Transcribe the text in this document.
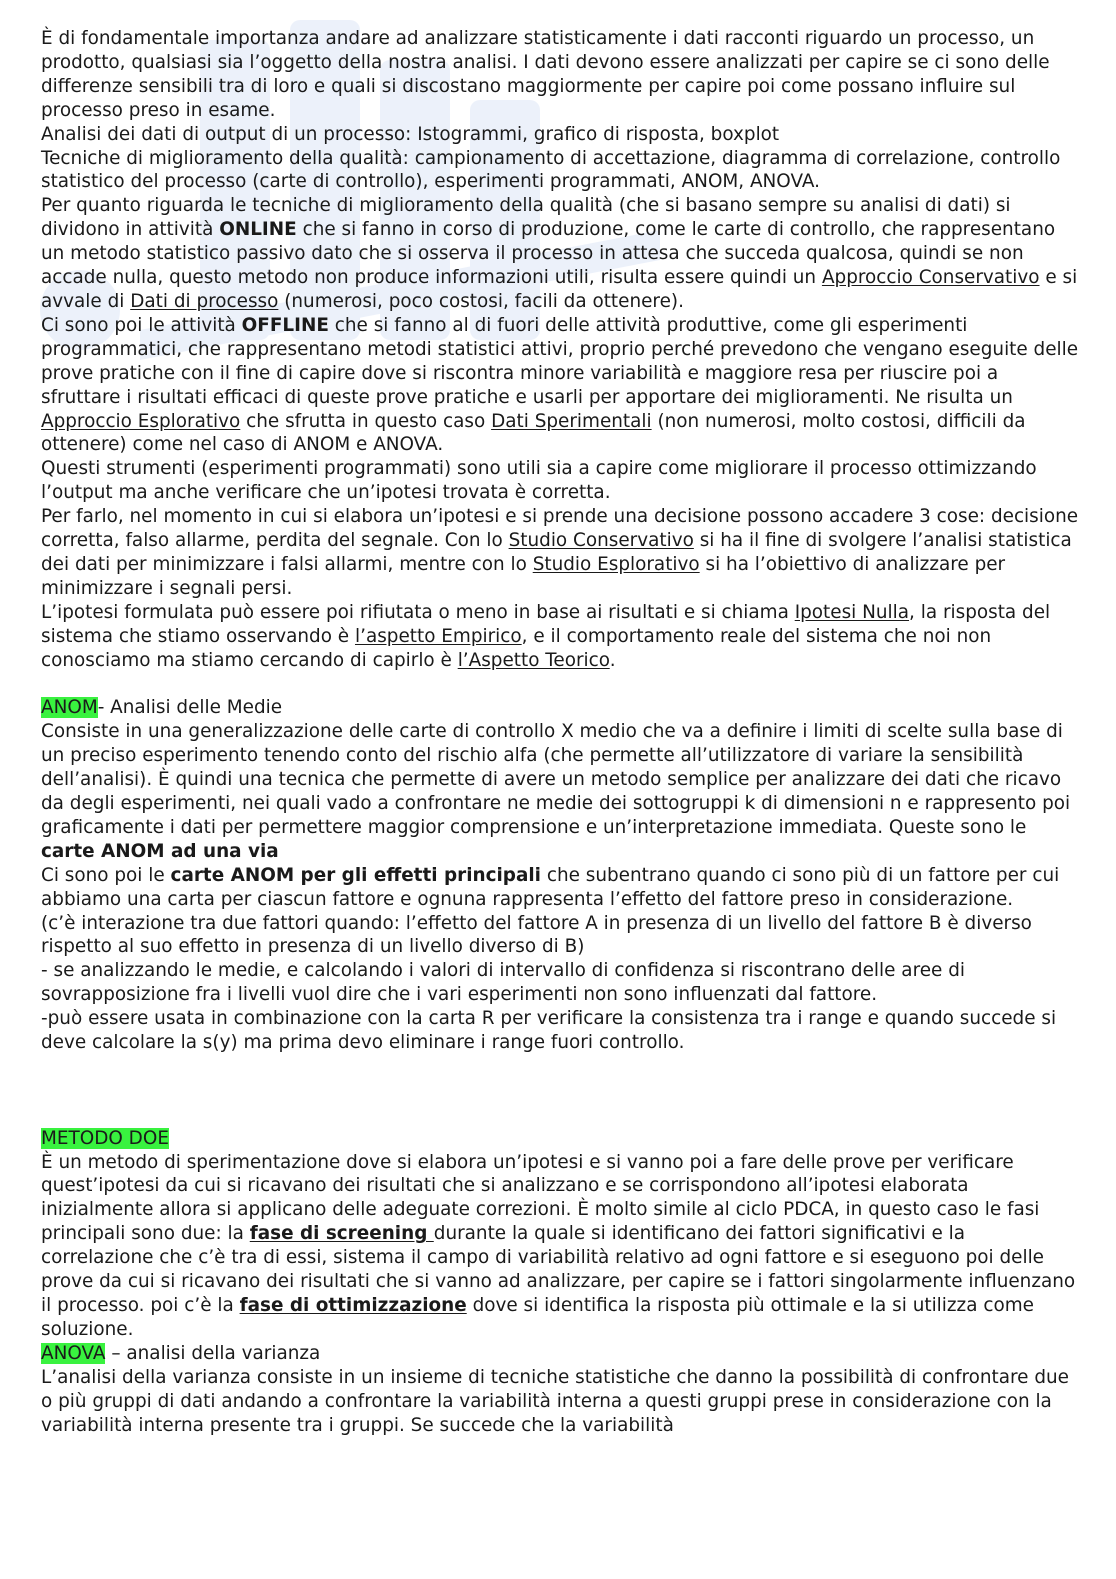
È di fondamentale importanza andare ad analizzare statisticamente i dati racconti riguardo un processo, un prodotto, qualsiasi sia l’oggetto della nostra analisi. I dati devono essere analizzati per capire se ci sono delle differenze sensibili tra di loro e quali si discostano maggiormente per capire poi come possano influire sul processo preso in esame.

Analisi dei dati di output di un processo: Istogrammi, grafico di risposta, boxplot

Tecniche di miglioramento della qualità: campionamento di accettazione, diagramma di correlazione, controllo statistico del processo (carte di controllo), esperimenti programmati, ANOM, ANOVA.

Per quanto riguarda le tecniche di miglioramento della qualità (che si basano sempre su analisi di dati) si dividono in attività ONLINE che si fanno in corso di produzione, come le carte di controllo, che rappresentano un metodo statistico passivo dato che si osserva il processo in attesa che succeda qualcosa, quindi se non accade nulla, questo metodo non produce informazioni utili, risulta essere quindi un Approccio Conservativo e si avvale di Dati di processo (numerosi, poco costosi, facili da ottenere).

Ci sono poi le attività OFFLINE che si fanno al di fuori delle attività produttive, come gli esperimenti programmatici, che rappresentano metodi statistici attivi, proprio perché prevedono che vengano eseguite delle prove pratiche con il fine di capire dove si riscontra minore variabilità e maggiore resa per riuscire poi a sfruttare i risultati efficaci di queste prove pratiche e usarli per apportare dei miglioramenti. Ne risulta un Approccio Esplorativo che sfrutta in questo caso Dati Sperimentali (non numerosi, molto costosi, difficili da ottenere) come nel caso di ANOM e ANOVA.

Questi strumenti (esperimenti programmati) sono utili sia a capire come migliorare il processo ottimizzando l’output ma anche verificare che un’ipotesi trovata è corretta.

Per farlo, nel momento in cui si elabora un’ipotesi e si prende una decisione possono accadere 3 cose: decisione corretta, falso allarme, perdita del segnale. Con lo Studio Conservativo si ha il fine di svolgere l’analisi statistica dei dati per minimizzare i falsi allarmi, mentre con lo Studio Esplorativo si ha l’obiettivo di analizzare per minimizzare i segnali persi.

L’ipotesi formulata può essere poi rifiutata o meno in base ai risultati e si chiama Ipotesi Nulla, la risposta del sistema che stiamo osservando è l’aspetto Empirico, e il comportamento reale del sistema che noi non conosciamo ma stiamo cercando di capirlo è l’Aspetto Teorico.

ANOM- Analisi delle Medie

Consiste in una generalizzazione delle carte di controllo X medio che va a definire i limiti di scelte sulla base di un preciso esperimento tenendo conto del rischio alfa (che permette all’utilizzatore di variare la sensibilità dell’analisi). È quindi una tecnica che permette di avere un metodo semplice per analizzare dei dati che ricavo da degli esperimenti, nei quali vado a confrontare ne medie dei sottogruppi k di dimensioni n e rappresento poi graficamente i dati per permettere maggior comprensione e un’interpretazione immediata. Queste sono le carte ANOM ad una via

Ci sono poi le carte ANOM per gli effetti principali che subentrano quando ci sono più di un fattore per cui abbiamo una carta per ciascun fattore e ognuna rappresenta l’effetto del fattore preso in considerazione.

(c’è interazione tra due fattori quando: l’effetto del fattore A in presenza di un livello del fattore B è diverso rispetto al suo effetto in presenza di un livello diverso di B)

- se analizzando le medie, e calcolando i valori di intervallo di confidenza si riscontrano delle aree di sovrapposizione fra i livelli vuol dire che i vari esperimenti non sono influenzati dal fattore.

-può essere usata in combinazione con la carta R per verificare la consistenza tra i range e quando succede si deve calcolare la s(y) ma prima devo eliminare i range fuori controllo.

METODO DOE

È un metodo di sperimentazione dove si elabora un’ipotesi e si vanno poi a fare delle prove per verificare quest’ipotesi da cui si ricavano dei risultati che si analizzano e se corrispondono all’ipotesi elaborata inizialmente allora si applicano delle adeguate correzioni. È molto simile al ciclo PDCA, in questo caso le fasi principali sono due: la fase di screening durante la quale si identificano dei fattori significativi e la correlazione che c’è tra di essi, sistema il campo di variabilità relativo ad ogni fattore e si eseguono poi delle prove da cui si ricavano dei risultati che si vanno ad analizzare, per capire se i fattori singolarmente influenzano il processo. poi c’è la fase di ottimizzazione dove si identifica la risposta più ottimale e la si utilizza come soluzione.

ANOVA – analisi della varianza

L’analisi della varianza consiste in un insieme di tecniche statistiche che danno la possibilità di confrontare due o più gruppi di dati andando a confrontare la variabilità interna a questi gruppi prese in considerazione con la variabilità interna presente tra i gruppi. Se succede che la variabilità
